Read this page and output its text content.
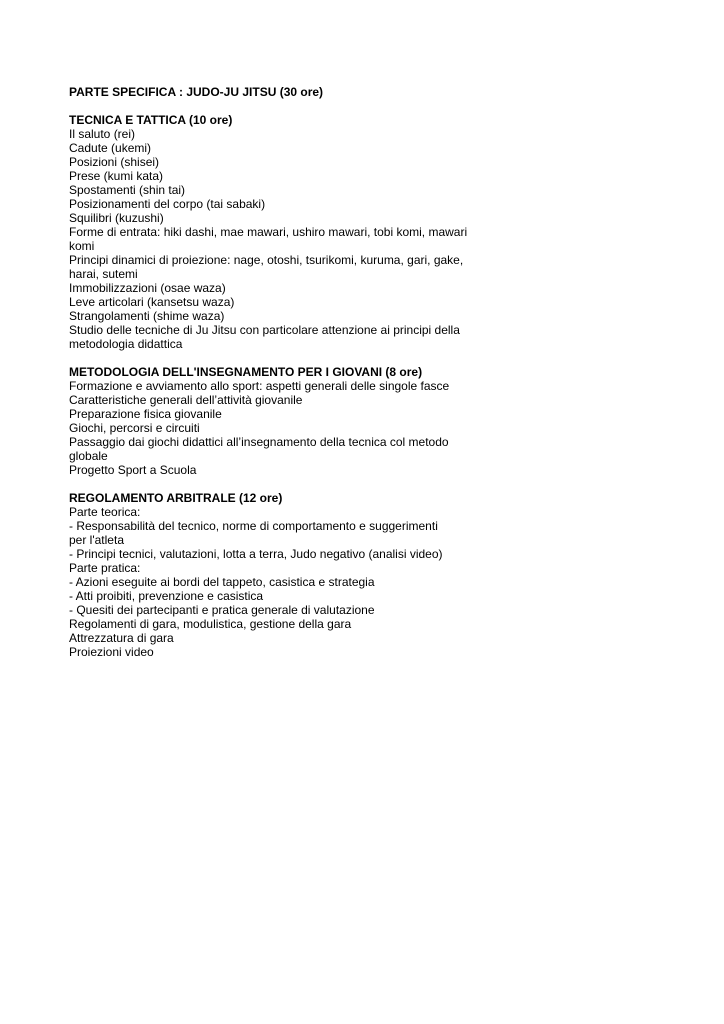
PARTE SPECIFICA : JUDO-JU JITSU (30 ore)

TECNICA E TATTICA (10 ore)

Il saluto (rei)

Cadute (ukemi)

Posizioni (shisei)

Prese (kumi kata)

Spostamenti (shin tai)

Posizionamenti del corpo (tai sabaki)

Squilibri (kuzushi)

Forme di entrata: hiki dashi, mae mawari, ushiro mawari, tobi komi, mawari

komi

Principi dinamici di proiezione: nage, otoshi, tsurikomi, kuruma, gari, gake,

harai, sutemi

Immobilizzazioni (osae waza)

Leve articolari (kansetsu waza)

Strangolamenti (shime waza)

Studio delle tecniche di Ju Jitsu con particolare attenzione ai principi della

metodologia didattica

METODOLOGIA DELL'INSEGNAMENTO PER I GIOVANI (8 ore)

Formazione e avviamento allo sport: aspetti generali delle singole fasce

Caratteristiche generali dell’attività giovanile

Preparazione fisica giovanile

Giochi, percorsi e circuiti

Passaggio dai giochi didattici all’insegnamento della tecnica col metodo

globale

Progetto Sport a Scuola

REGOLAMENTO ARBITRALE (12 ore)

Parte teorica:

- Responsabilità del tecnico, norme di comportamento e suggerimenti

per l'atleta

- Principi tecnici, valutazioni, lotta a terra, Judo negativo (analisi video)

Parte pratica:

- Azioni eseguite ai bordi del tappeto, casistica e strategia

- Atti proibiti, prevenzione e casistica

- Quesiti dei partecipanti e pratica generale di valutazione

Regolamenti di gara, modulistica, gestione della gara

Attrezzatura di gara

Proiezioni video
